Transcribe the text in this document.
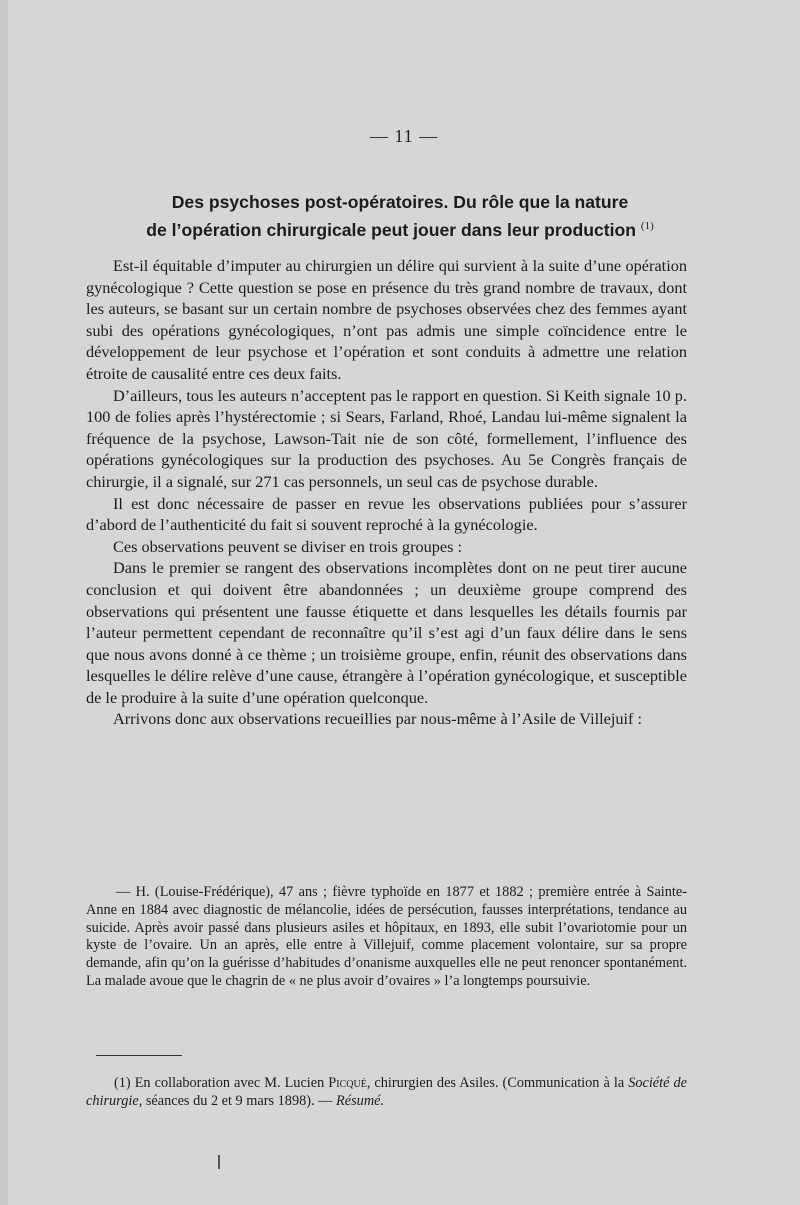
— 11 —
Des psychoses post-opératoires. Du rôle que la nature
de l’opération chirurgicale peut jouer dans leur production $^{(1)}$

Est-il équitable d’imputer au chirurgien un délire qui survient à la suite d’une opération gynécologique ? Cette question se pose en présence du très grand nombre de travaux, dont les auteurs, se basant sur un certain nombre de psychoses observées chez des femmes ayant subi des opérations gynécologiques, n’ont pas admis une simple coïncidence entre le développement de leur psychose et l’opération et sont conduits à admettre une relation étroite de causalité entre ces deux faits.

D’ailleurs, tous les auteurs n’acceptent pas le rapport en question. Si Keith signale 10 p. 100 de folies après l’hystérectomie ; si Sears, Farland, Rhoé, Landau lui-même signalent la fréquence de la psychose, Lawson-Tait nie de son côté, formellement, l’influence des opérations gynécologiques sur la production des psychoses. Au 5e Congrès français de chirurgie, il a signalé, sur 271 cas personnels, un seul cas de psychose durable.

Il est donc nécessaire de passer en revue les observations publiées pour s’assurer d’abord de l’authenticité du fait si souvent reproché à la gynécologie.

Ces observations peuvent se diviser en trois groupes :

Dans le premier se rangent des observations incomplètes dont on ne peut tirer aucune conclusion et qui doivent être abandonnées ; un deuxième groupe comprend des observations qui présentent une fausse étiquette et dans lesquelles les détails fournis par l’auteur permettent cependant de reconnaître qu’il s’est agi d’un faux délire dans le sens que nous avons donné à ce thème ; un troisième groupe, enfin, réunit des observations dans lesquelles le délire relève d’une cause, étrangère à l’opération gynécologique, et susceptible de le produire à la suite d’une opération quelconque.

Arrivons donc aux observations recueillies par nous-même à l’Asile de Villejuif :

— H. (Louise-Frédérique), 47 ans ; fièvre typhoïde en 1877 et 1882 ; première entrée à Sainte-Anne en 1884 avec diagnostic de mélancolie, idées de persécution, fausses interprétations, tendance au suicide. Après avoir passé dans plusieurs asiles et hôpitaux, en 1893, elle subit l’ovariotomie pour un kyste de l’ovaire. Un an après, elle entre à Villejuif, comme placement volontaire, sur sa propre demande, afin qu’on la guérisse d’habitudes d’onanisme auxquelles elle ne peut renoncer spontanément. La malade avoue que le chagrin de « ne plus avoir d’ovaires » l’a longtemps poursuivie.

(1) En collaboration avec M. Lucien Picqué, chirurgien des Asiles. (Communication à la Société de chirurgie, séances du 2 et 9 mars 1898). — Résumé.
